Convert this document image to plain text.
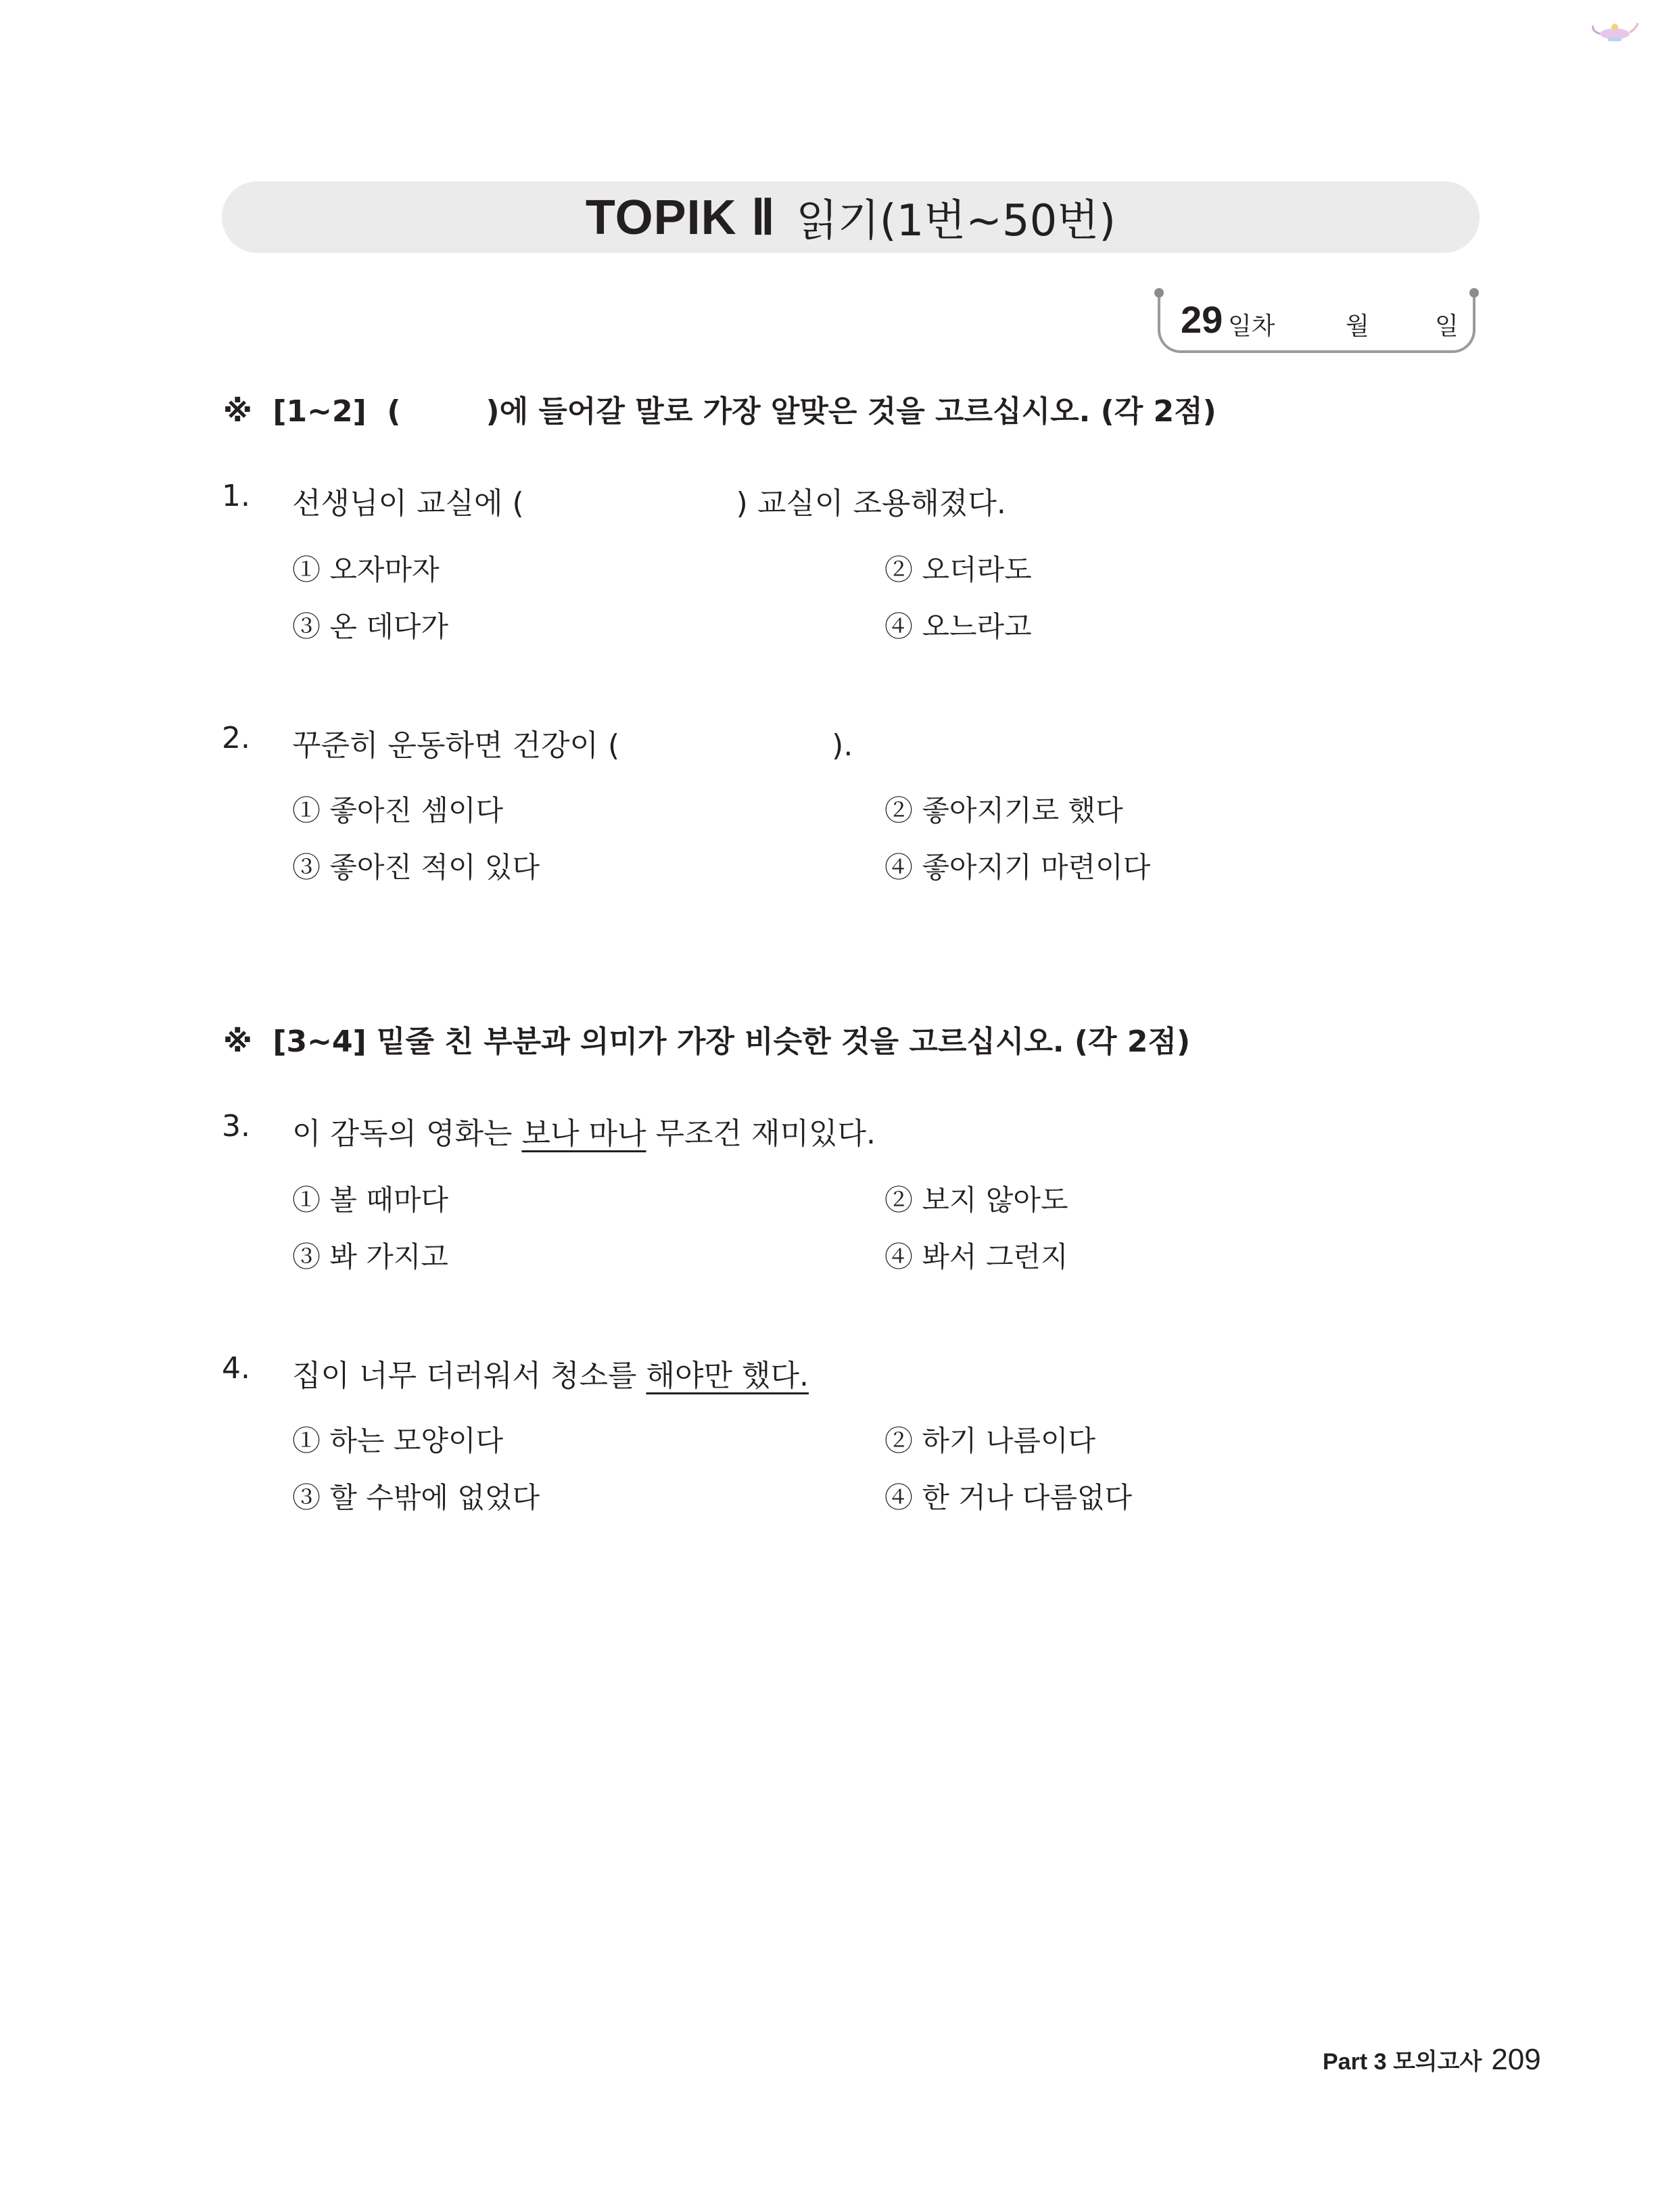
TOPIK Ⅱ 읽기(1번~50번)
29 일차	월	일
※  [1~2]  (	)에 들어갈 말로 가장 알맞은 것을 고르십시오. (각 2점)
1. 선생님이 교실에 (	) 교실이 조용해졌다.
① 오자마자	② 오더라도
③ 온 데다가	④ 오느라고
2. 꾸준히 운동하면 건강이 (	).
① 좋아진 셈이다	② 좋아지기로 했다
③ 좋아진 적이 있다	④ 좋아지기 마련이다
※  [3~4] 밑줄 친 부분과 의미가 가장 비슷한 것을 고르십시오. (각 2점)
3. 이 감독의 영화는 보나 마나 무조건 재미있다.
① 볼 때마다	② 보지 않아도
③ 봐 가지고	④ 봐서 그런지
4. 집이 너무 더러워서 청소를 해야만 했다.
① 하는 모양이다	② 하기 나름이다
③ 할 수밖에 없었다	④ 한 거나 다름없다
Part 3 모의고사 209
